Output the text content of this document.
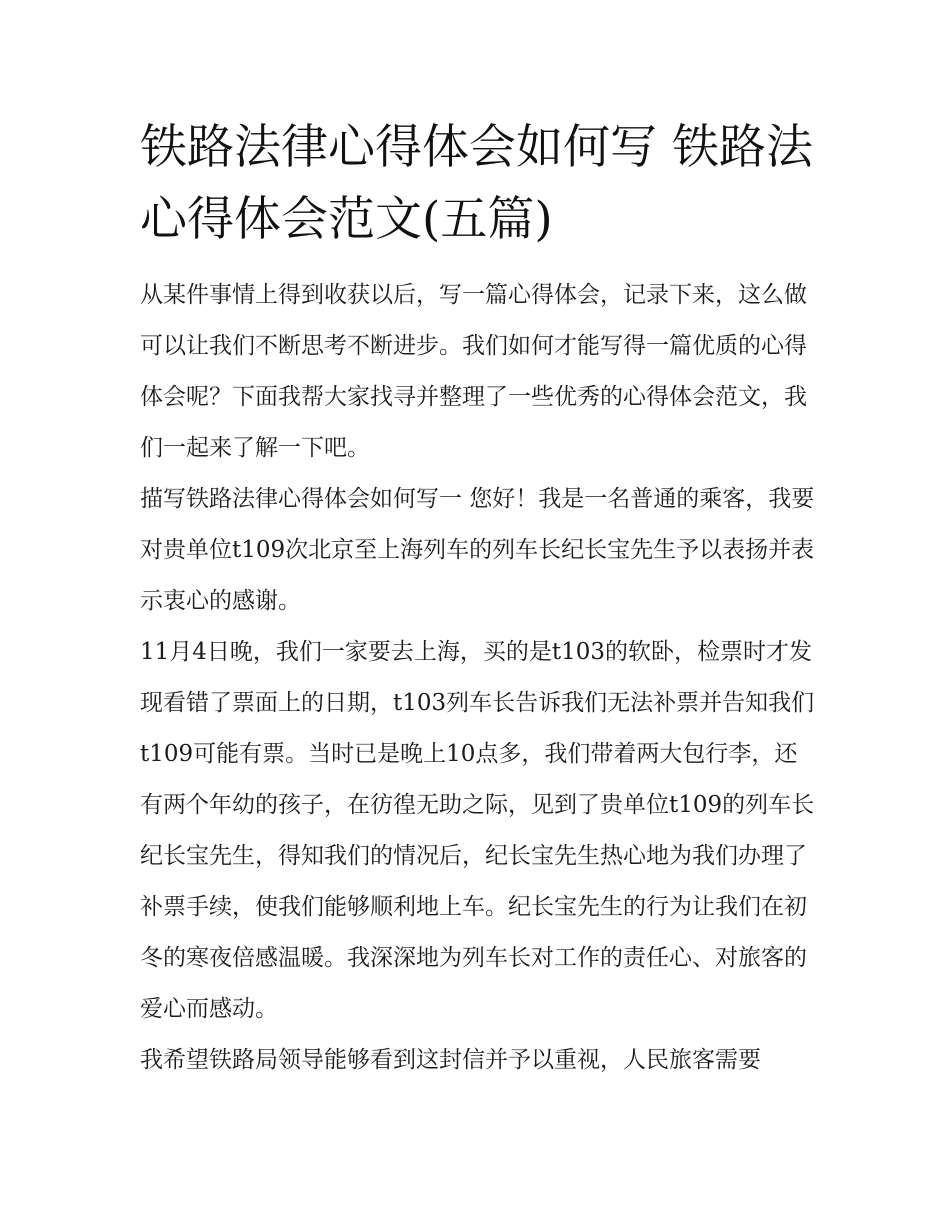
铁路法律心得体会如何写 铁路法心得体会范文(五篇)

从某件事情上得到收获以后，写一篇心得体会，记录下来，这么做可以让我们不断思考不断进步。我们如何才能写得一篇优质的心得体会呢？下面我帮大家找寻并整理了一些优秀的心得体会范文，我们一起来了解一下吧。

描写铁路法律心得体会如何写一 您好！我是一名普通的乘客，我要对贵单位t109次北京至上海列车的列车长纪长宝先生予以表扬并表示衷心的感谢。

11月4日晚，我们一家要去上海，买的是t103的软卧，检票时才发现看错了票面上的日期，t103列车长告诉我们无法补票并告知我们t109可能有票。当时已是晚上10点多，我们带着两大包行李，还有两个年幼的孩子，在彷徨无助之际，见到了贵单位t109的列车长纪长宝先生，得知我们的情况后，纪长宝先生热心地为我们办理了补票手续，使我们能够顺利地上车。纪长宝先生的行为让我们在初冬的寒夜倍感温暖。我深深地为列车长对工作的责任心、对旅客的爱心而感动。

我希望铁路局领导能够看到这封信并予以重视，人民旅客需要
